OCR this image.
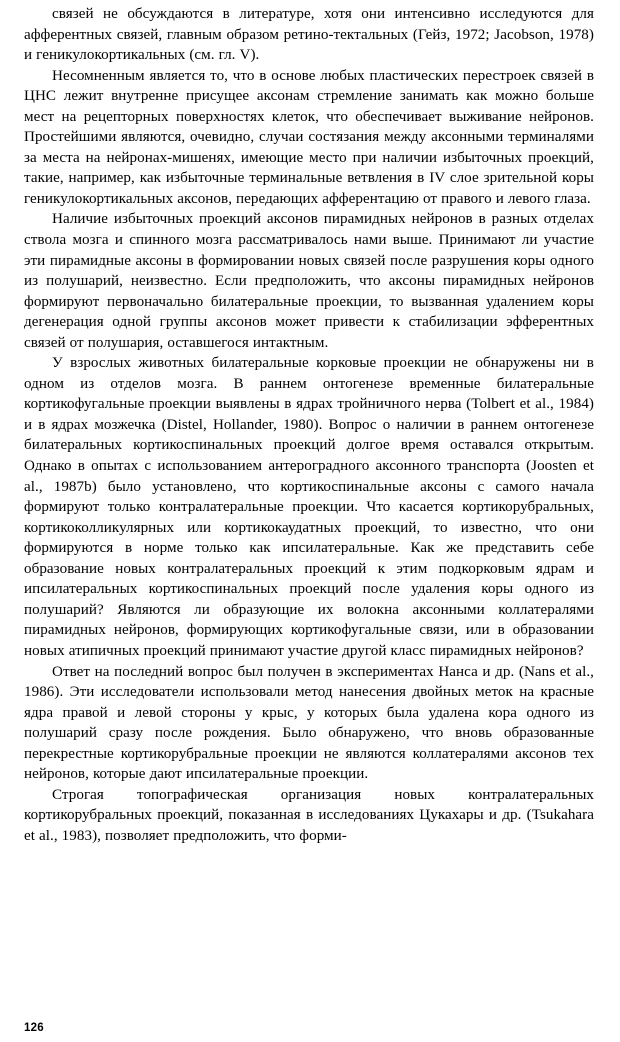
связей не обсуждаются в литературе, хотя они интенсивно исследуются для афферентных связей, главным образом ретино-тектальных (Гейз, 1972; Jacobson, 1978) и геникулокортикальных (см. гл. V).

Несомненным является то, что в основе любых пластических перестроек связей в ЦНС лежит внутренне присущее аксонам стремление занимать как можно больше мест на рецепторных поверхностях клеток, что обеспечивает выживание нейронов. Простейшими являются, очевидно, случаи состязания между аксонными терминалями за места на нейронах-мишенях, имеющие место при наличии избыточных проекций, такие, например, как избыточные терминальные ветвления в IV слое зрительной коры геникулокортикальных аксонов, передающих афферентацию от правого и левого глаза.

Наличие избыточных проекций аксонов пирамидных нейронов в разных отделах ствола мозга и спинного мозга рассматривалось нами выше. Принимают ли участие эти пирамидные аксоны в формировании новых связей после разрушения коры одного из полушарий, неизвестно. Если предположить, что аксоны пирамидных нейронов формируют первоначально билатеральные проекции, то вызванная удалением коры дегенерация одной группы аксонов может привести к стабилизации эфферентных связей от полушария, оставшегося интактным.

У взрослых животных билатеральные корковые проекции не обнаружены ни в одном из отделов мозга. В раннем онтогенезе временные билатеральные кортикофугальные проекции выявлены в ядрах тройничного нерва (Tolbert et al., 1984) и в ядрах мозжечка (Distel, Hollander, 1980). Вопрос о наличии в раннем онтогенезе билатеральных кортикоспинальных проекций долгое время оставался открытым. Однако в опытах с использованием антероградного аксонного транспорта (Joosten et al., 1987b) было установлено, что кортикоспинальные аксоны с самого начала формируют только контралатеральные проекции. Что касается кортикорубральных, кортикоколликулярных или кортикокаудатных проекций, то известно, что они формируются в норме только как ипсилатеральные. Как же представить себе образование новых контралатеральных проекций к этим подкорковым ядрам и ипсилатеральных кортикоспинальных проекций после удаления коры одного из полушарий? Являются ли образующие их волокна аксонными коллатералями пирамидных нейронов, формирующих кортикофугальные связи, или в образовании новых атипичных проекций принимают участие другой класс пирамидных нейронов?

Ответ на последний вопрос был получен в экспериментах Нанса и др. (Nans et al., 1986). Эти исследователи использовали метод нанесения двойных меток на красные ядра правой и левой стороны у крыс, у которых была удалена кора одного из полушарий сразу после рождения. Было обнаружено, что вновь образованные перекрестные кортикорубральные проекции не являются коллатералями аксонов тех нейронов, которые дают ипсилатеральные проекции.

Строгая топографическая организация новых контралатеральных кортикорубральных проекций, показанная в исследованиях Цукахары и др. (Tsukahara et al., 1983), позволяет предположить, что форми-

126
